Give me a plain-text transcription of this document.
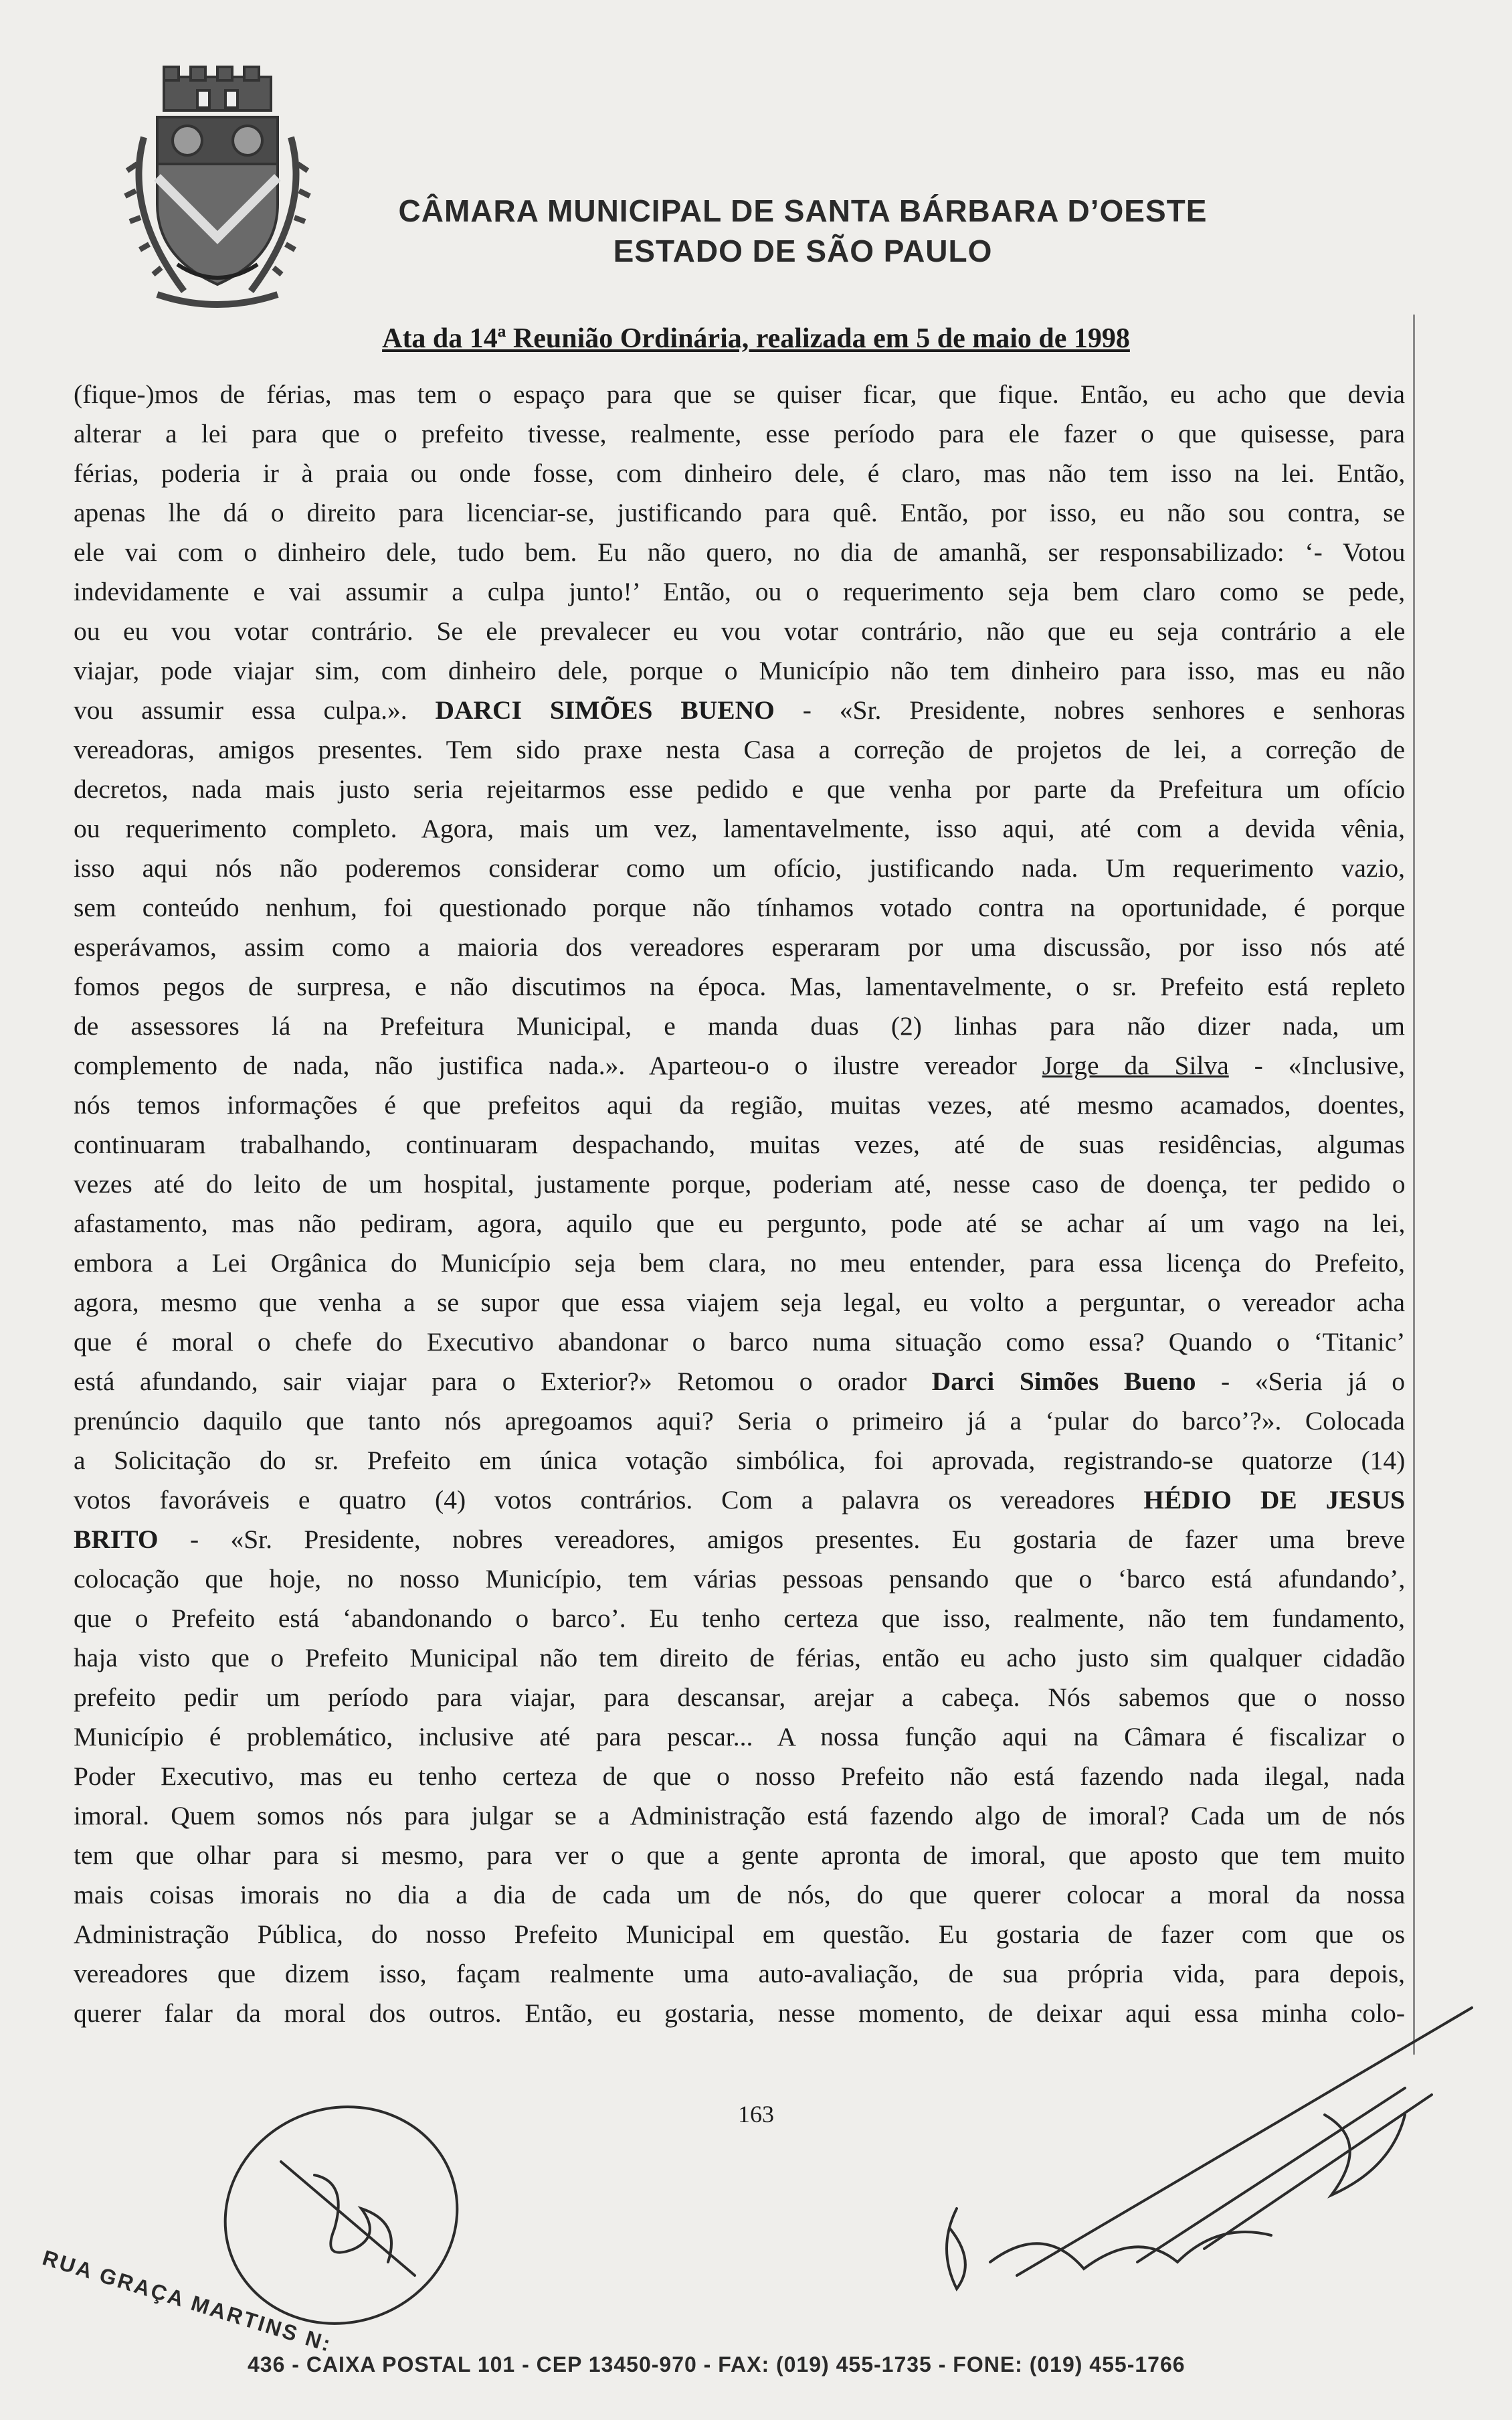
CÂMARA MUNICIPAL DE SANTA BÁRBARA D’OESTE
ESTADO DE SÃO PAULO
Ata da 14ª Reunião Ordinária, realizada em 5 de maio de 1998
(fique-)mos de férias, mas tem o espaço para que se quiser ficar, que fique. Então, eu acho que devia
alterar a lei para que o prefeito tivesse, realmente, esse período para ele fazer o que quisesse, para
férias, poderia ir à praia ou onde fosse, com dinheiro dele, é claro, mas não tem isso na lei. Então,
apenas lhe dá o direito para licenciar-se, justificando para quê. Então, por isso, eu não sou contra, se
ele vai com o dinheiro dele, tudo bem. Eu não quero, no dia de amanhã, ser responsabilizado: ‘- Votou
indevidamente e vai assumir a culpa junto!’ Então, ou o requerimento seja bem claro como se pede,
ou eu vou votar contrário. Se ele prevalecer eu vou votar contrário, não que eu seja contrário a ele
viajar, pode viajar sim, com dinheiro dele, porque o Município não tem dinheiro para isso, mas eu não
vou assumir essa culpa.». DARCI SIMÕES BUENO - «Sr. Presidente, nobres senhores e senhoras
vereadoras, amigos presentes. Tem sido praxe nesta Casa a correção de projetos de lei, a correção de
decretos, nada mais justo seria rejeitarmos esse pedido e que venha por parte da Prefeitura um ofício
ou requerimento completo. Agora, mais um vez, lamentavelmente, isso aqui, até com a devida vênia,
isso aqui nós não poderemos considerar como um ofício, justificando nada. Um requerimento vazio,
sem conteúdo nenhum, foi questionado porque não tínhamos votado contra na oportunidade, é porque
esperávamos, assim como a maioria dos vereadores esperaram por uma discussão, por isso nós até
fomos pegos de surpresa, e não discutimos na época. Mas, lamentavelmente, o sr. Prefeito está repleto
de assessores lá na Prefeitura Municipal, e manda duas (2) linhas para não dizer nada, um
complemento de nada, não justifica nada.». Aparteou-o o ilustre vereador Jorge da Silva - «Inclusive,
nós temos informações é que prefeitos aqui da região, muitas vezes, até mesmo acamados, doentes,
continuaram trabalhando, continuaram despachando, muitas vezes, até de suas residências, algumas
vezes até do leito de um hospital, justamente porque, poderiam até, nesse caso de doença, ter pedido o
afastamento, mas não pediram, agora, aquilo que eu pergunto, pode até se achar aí um vago na lei,
embora a Lei Orgânica do Município seja bem clara, no meu entender, para essa licença do Prefeito,
agora, mesmo que venha a se supor que essa viajem seja legal, eu volto a perguntar, o vereador acha
que é moral o chefe do Executivo abandonar o barco numa situação como essa? Quando o ‘Titanic’
está afundando, sair viajar para o Exterior?» Retomou o orador Darci Simões Bueno - «Seria já o
prenúncio daquilo que tanto nós apregoamos aqui? Seria o primeiro já a ‘pular do barco’?». Colocada
a Solicitação do sr. Prefeito em única votação simbólica, foi aprovada, registrando-se quatorze (14)
votos favoráveis e quatro (4) votos contrários. Com a palavra os vereadores HÉDIO DE JESUS
BRITO - «Sr. Presidente, nobres vereadores, amigos presentes. Eu gostaria de fazer uma breve
colocação que hoje, no nosso Município, tem várias pessoas pensando que o ‘barco está afundando’,
que o Prefeito está ‘abandonando o barco’. Eu tenho certeza que isso, realmente, não tem fundamento,
haja visto que o Prefeito Municipal não tem direito de férias, então eu acho justo sim qualquer cidadão
prefeito pedir um período para viajar, para descansar, arejar a cabeça. Nós sabemos que o nosso
Município é problemático, inclusive até para pescar... A nossa função aqui na Câmara é fiscalizar o
Poder Executivo, mas eu tenho certeza de que o nosso Prefeito não está fazendo nada ilegal, nada
imoral. Quem somos nós para julgar se a Administração está fazendo algo de imoral? Cada um de nós
tem que olhar para si mesmo, para ver o que a gente apronta de imoral, que aposto que tem muito
mais coisas imorais no dia a dia de cada um de nós, do que querer colocar a moral da nossa
Administração Pública, do nosso Prefeito Municipal em questão. Eu gostaria de fazer com que os
vereadores que dizem isso, façam realmente uma auto-avaliação, de sua própria vida, para depois,
querer falar da moral dos outros. Então, eu gostaria, nesse momento, de deixar aqui essa minha colo-
163
RUA GRAÇA MARTINS N:
436 - CAIXA POSTAL 101 - CEP 13450-970 - FAX: (019) 455-1735 - FONE: (019) 455-1766
